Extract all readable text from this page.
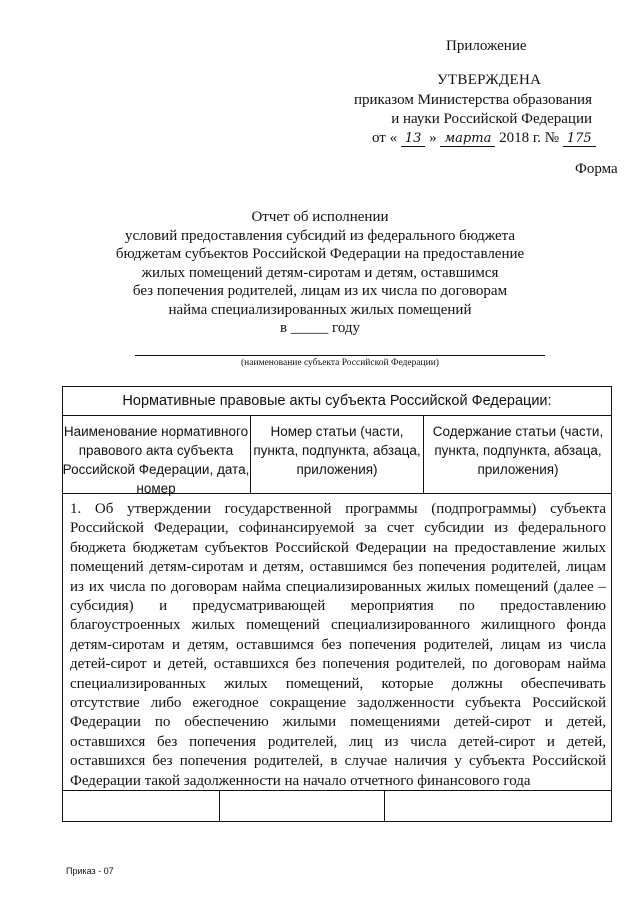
Приложение
УТВЕРЖДЕНА
приказом Министерства образования
и науки Российской Федерации
от « 13 » марта 2018 г. № 175
Форма
Отчет об исполнении
условий предоставления субсидий из федерального бюджета
бюджетам субъектов Российской Федерации на предоставление
жилых помещений детям-сиротам и детям, оставшимся
без попечения родителей, лицам из их числа по договорам
найма специализированных жилых помещений
в _____ году
(наименование субъекта Российской Федерации)
Нормативные правовые акты субъекта Российской Федерации:
Наименование нормативного правового акта субъекта Российской Федерации, дата, номер
Номер статьи (части, пункта, подпункта, абзаца, приложения)
Содержание статьи (части, пункта, подпункта, абзаца, приложения)
1. Об утверждении государственной программы (подпрограммы) субъекта Российской Федерации, софинансируемой за счет субсидии из федерального бюджета бюджетам субъектов Российской Федерации на предоставление жилых помещений детям-сиротам и детям, оставшимся без попечения родителей, лицам из их числа по договорам найма специализированных жилых помещений (далее – субсидия) и предусматривающей мероприятия по предоставлению благоустроенных жилых помещений специализированного жилищного фонда детям-сиротам и детям, оставшимся без попечения родителей, лицам из числа детей-сирот и детей, оставшихся без попечения родителей, по договорам найма специализированных жилых помещений, которые должны обеспечивать отсутствие либо ежегодное сокращение задолженности субъекта Российской Федерации по обеспечению жилыми помещениями детей-сирот и детей, оставшихся без попечения родителей, лиц из числа детей-сирот и детей, оставшихся без попечения родителей, в случае наличия у субъекта Российской Федерации такой задолженности на начало отчетного финансового года
Приказ - 07
